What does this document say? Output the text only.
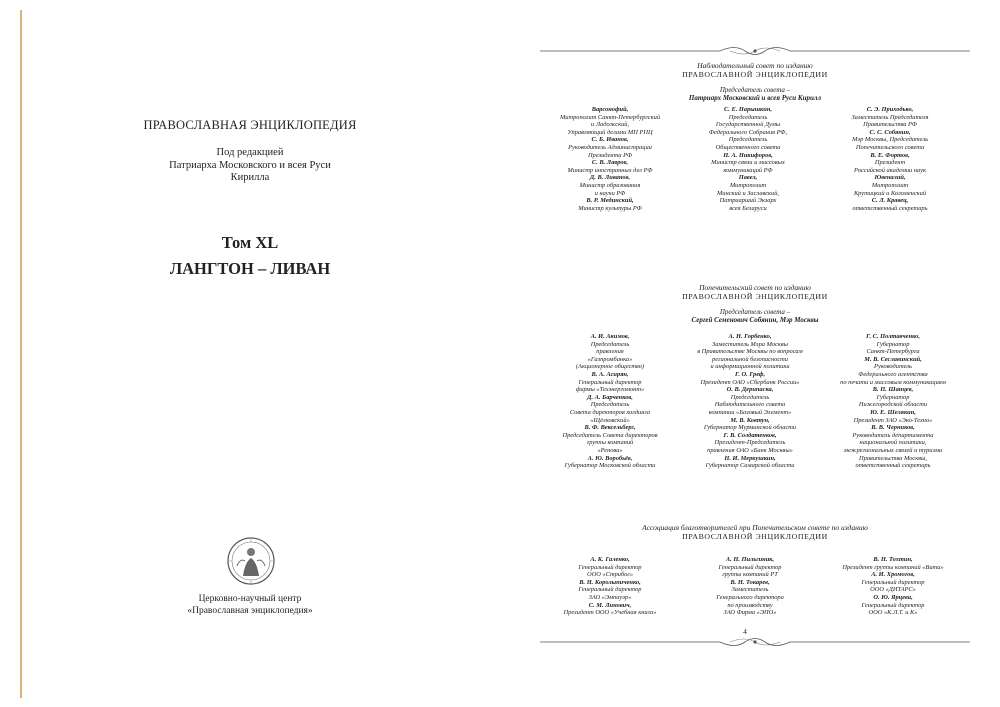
ПРАВОСЛАВНАЯ ЭНЦИКЛОПЕДИЯ
Под редакцией
Патриарха Московского и всея Руси
Кирилла
Том XL
ЛАНГТОН – ЛИВАН
Церковно-научный центр
«Православная энциклопедия»
Наблюдательный совет по изданию
ПРАВОСЛАВНОЙ ЭНЦИКЛОПЕДИИ
Председатель совета –
Патриарх Московский и всея Руси Кирилл
Варсонофий,
Митрополит Санкт-Петербургский
и Ладожский,
Управляющий делами МП РПЦ
С. Б. Иванов,
Руководитель Администрации
Президента РФ
С. В. Лавров,
Министр иностранных дел РФ
Д. В. Ливанов,
Министр образования
и науки РФ
В. Р. Мединский,
Министр культуры РФ
С. Е. Нарышкин,
Председатель
Государственной Думы
Федерального Собрания РФ,
Председатель
Общественного совета
Н. А. Никифоров,
Министр связи и массовых
коммуникаций РФ
Павел,
Митрополит
Минский и Заславский,
Патриарший Экзарх
всея Беларуси
С. Э. Приходько,
Заместитель Председателя
Правительства РФ
С. С. Собянин,
Мэр Москвы, Председатель
Попечительского совета
В. Е. Фортов,
Президент
Российской академии наук
Ювеналий,
Митрополит
Крутицкий и Коломенский
С. Л. Кравец,
ответственный секретарь
Попечительский совет по изданию
ПРАВОСЛАВНОЙ ЭНЦИКЛОПЕДИИ
Председатель совета –
Сергей Семенович Собянин, Мэр Москвы
А. И. Акимов,
Председатель
правления
«Газпромбанка»
(Акционерное общество)
В. А. Асирян,
Генеральный директор
фирмы «Техэнергомонт»
Д. А. Барченков,
Председатель
Совета директоров холдинга
«Щёлковский»
В. Ф. Вексельберг,
Председатель Совета директоров
группы компаний
«Ренова»
А. Ю. Воробьёв,
Губернатор Московской области
А. Н. Горбенко,
Заместитель Мэра Москвы
в Правительстве Москвы по вопросам
региональной безопасности
и информационной политики
Г. О. Греф,
Президент ОАО «Сбербанк России»
О. В. Дерипаска,
Председатель
Наблюдательного совета
компании «Базовый Элемент»
М. В. Ковтун,
Губернатор Мурманской области
Г. В. Солдатенков,
Президент-Председатель
правления ОАО «Банк Москвы»
Н. И. Меркушкин,
Губернатор Самарской области
Г. С. Полтавченко,
Губернатор
Санкт-Петербурга
М. В. Сеславинский,
Руководитель
Федерального агентства
по печати и массовым коммуникациям
В. П. Шанцев,
Губернатор
Нижегородской области
Ю. Е. Шелякин,
Президент ЗАО «Эко-Техно»
В. В. Черников,
Руководитель департамента
национальной политики,
межрегиональных связей и туризма
Правительства Москвы,
ответственный секретарь
Ассоциация благотворителей при Попечительском совете по изданию
ПРАВОСЛАВНОЙ ЭНЦИКЛОПЕДИИ
А. К. Галенко,
Генеральный директор
ООО «Стрибог»
В. Н. Королыпиченко,
Генеральный директор
ЗАО «Эмпауэр»
С. М. Линович,
Президент ООО «Учебная книга»
А. Н. Пильгиник,
Генеральный директор
группы компаний РТ
В. Н. Токарев,
Заместитель
Генерального директора
по производству
ЗАО Фирма «ЭПО»
В. Н. Тохтин,
Президент группы компаний «Вита»
А. И. Хромогов,
Генеральный директор
ООО «ДИТАРС»
О. Ю. Ярцева,
Генеральный директор
ООО «К.Л.Т. и К»
4
